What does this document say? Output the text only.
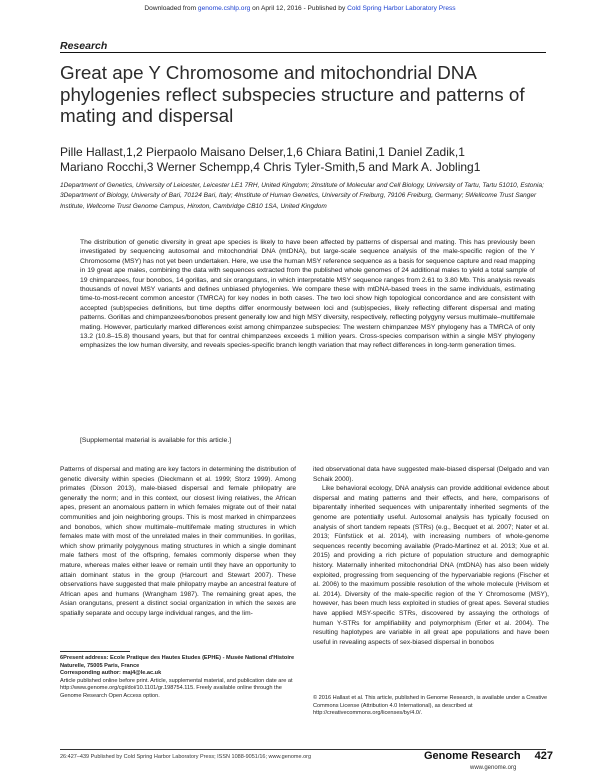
Downloaded from genome.cshlp.org on April 12, 2016 - Published by Cold Spring Harbor Laboratory Press
Research
Great ape Y Chromosome and mitochondrial DNA phylogenies reflect subspecies structure and patterns of mating and dispersal
Pille Hallast,1,2 Pierpaolo Maisano Delser,1,6 Chiara Batini,1 Daniel Zadik,1
Mariano Rocchi,3 Werner Schempp,4 Chris Tyler-Smith,5 and Mark A. Jobling1
1Department of Genetics, University of Leicester, Leicester LE1 7RH, United Kingdom; 2Institute of Molecular and Cell Biology, University of Tartu, Tartu 51010, Estonia; 3Department of Biology, University of Bari, 70124 Bari, Italy; 4Institute of Human Genetics, University of Freiburg, 79106 Freiburg, Germany; 5Wellcome Trust Sanger Institute, Wellcome Trust Genome Campus, Hinxton, Cambridge CB10 1SA, United Kingdom
The distribution of genetic diversity in great ape species is likely to have been affected by patterns of dispersal and mating. This has previously been investigated by sequencing autosomal and mitochondrial DNA (mtDNA), but large-scale sequence analysis of the male-specific region of the Y Chromosome (MSY) has not yet been undertaken. Here, we use the human MSY reference sequence as a basis for sequence capture and read mapping in 19 great ape males, combining the data with sequences extracted from the published whole genomes of 24 additional males to yield a total sample of 19 chimpanzees, four bonobos, 14 gorillas, and six orangutans, in which interpretable MSY sequence ranges from 2.61 to 3.80 Mb. This analysis reveals thousands of novel MSY variants and defines unbiased phylogenies. We compare these with mtDNA-based trees in the same individuals, estimating time-to-most-recent common ancestor (TMRCA) for key nodes in both cases. The two loci show high topological concordance and are consistent with accepted (sub)species definitions, but time depths differ enormously between loci and (sub)species, likely reflecting different dispersal and mating patterns. Gorillas and chimpanzees/bonobos present generally low and high MSY diversity, respectively, reflecting polygyny versus multimale–multifemale mating. However, particularly marked differences exist among chimpanzee subspecies: The western chimpanzee MSY phylogeny has a TMRCA of only 13.2 (10.8–15.8) thousand years, but that for central chimpanzees exceeds 1 million years. Cross-species comparison within a single MSY phylogeny emphasizes the low human diversity, and reveals species-specific branch length variation that may reflect differences in long-term generation times.
[Supplemental material is available for this article.]

Patterns of dispersal and mating are key factors in determining the distribution of genetic diversity within species (Dieckmann et al. 1999; Storz 1999). Among primates (Dixson 2013), male-biased dispersal and female philopatry are generally the norm; and in this context, our closest living relatives, the African apes, present an anomalous pattern in which females migrate out of their natal communities and join neighboring groups. This is most marked in chimpanzees and bonobos, which show multimale–multifemale mating structures in which females mate with most of the unrelated males in their communities. In gorillas, which show primarily polygynous mating structures in which a single dominant male fathers most of the offspring, females commonly disperse when they mature, whereas males either leave or remain until they have an opportunity to attain dominant status in the group (Harcourt and Stewart 2007). These observations have suggested that male philopatry maybe an ancestral feature of African apes and humans (Wrangham 1987). The remaining great apes, the Asian orangutans, present a distinct social organization in which the sexes are spatially separate and occupy large individual ranges, and the lim-

ited observational data have suggested male-biased dispersal (Delgado and van Schaik 2000).

Like behavioral ecology, DNA analysis can provide additional evidence about dispersal and mating patterns and their effects, and here, comparisons of biparentally inherited sequences with uniparentally inherited segments of the genome are potentially useful. Autosomal analysis has typically focused on analysis of short tandem repeats (STRs) (e.g., Becquet et al. 2007; Nater et al. 2013; Fünfstück et al. 2014), with increasing numbers of whole-genome sequences recently becoming available (Prado-Martinez et al. 2013; Xue et al. 2015) and providing a rich picture of population structure and demographic history. Maternally inherited mitochondrial DNA (mtDNA) has also been widely exploited, progressing from sequencing of the hypervariable regions (Fischer et al. 2006) to the maximum possible resolution of the whole molecule (Hvilsom et al. 2014). Diversity of the male-specific region of the Y Chromosome (MSY), however, has been much less exploited in studies of great apes. Several studies have applied MSY-specific STRs, discovered by assaying the orthologs of human Y-STRs for amplifiability and polymorphism (Erler et al. 2004). The resulting haplotypes are variable in all great ape populations and have been useful in revealing aspects of sex-biased dispersal in bonobos

6Present address: Ecole Pratique des Hautes Etudes (EPHE) - Musée National d'Histoire Naturelle, 75005 Paris, France
Corresponding author: maj4@le.ac.uk
Article published online before print. Article, supplemental material, and publication date are at http://www.genome.org/cgi/doi/10.1101/gr.198754.115. Freely available online through the Genome Research Open Access option.	© 2016 Hallast et al. This article, published in Genome Research, is available under a Creative Commons License (Attribution 4.0 International), as described at http://creativecommons.org/licenses/by/4.0/.
26:427–439 Published by Cold Spring Harbor Laboratory Press; ISSN 1088-9051/16; www.genome.org	Genome Research 427
www.genome.org
